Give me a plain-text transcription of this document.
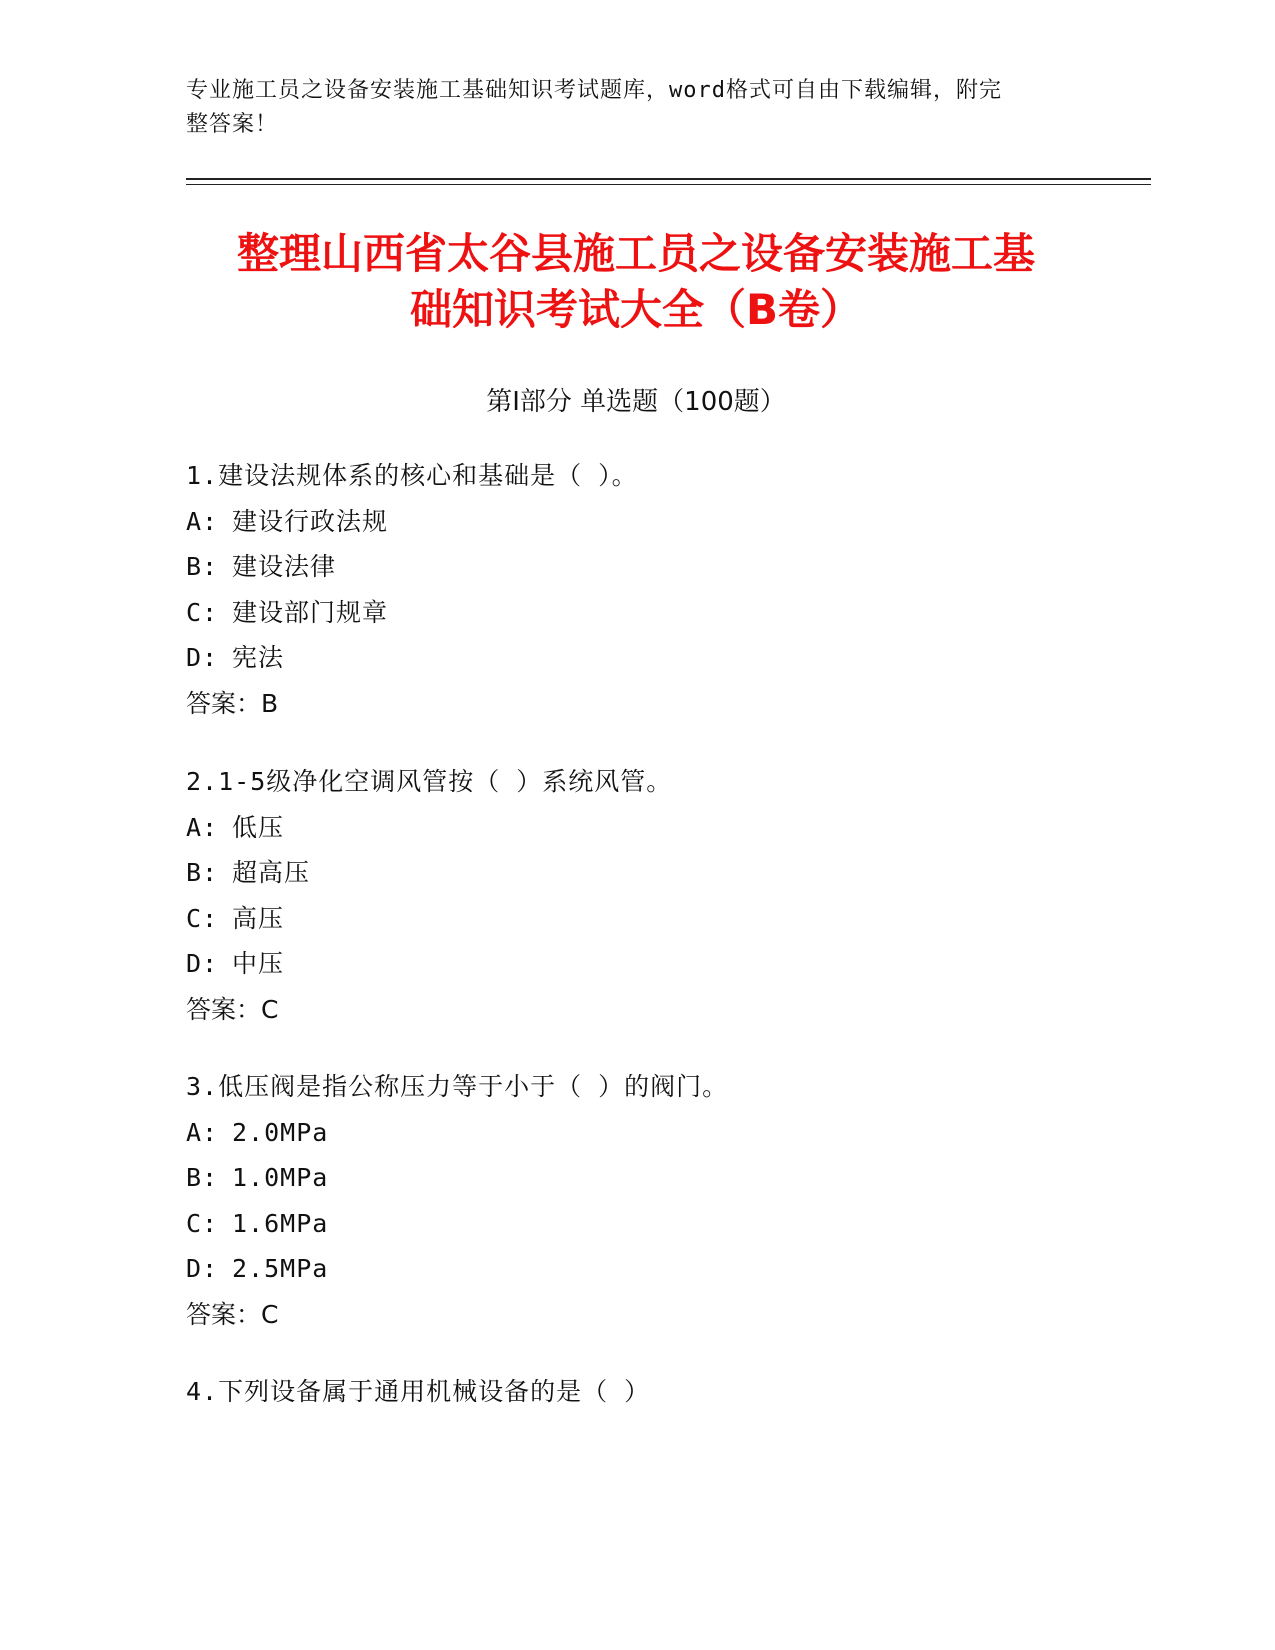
专业施工员之设备安装施工基础知识考试题库，word格式可自由下载编辑，附完
整答案！
整理山西省太谷县施工员之设备安装施工基
础知识考试大全（B卷）
第Ⅰ部分 单选题（100题）
1.建设法规体系的核心和基础是（ ）。
A: 建设行政法规
B: 建设法律
C: 建设部门规章
D: 宪法
答案：B
2.1-5级净化空调风管按（ ）系统风管。
A: 低压
B: 超高压
C: 高压
D: 中压
答案：C
3.低压阀是指公称压力等于小于（ ）的阀门。
A: 2.0MPa
B: 1.0MPa
C: 1.6MPa
D: 2.5MPa
答案：C
4.下列设备属于通用机械设备的是（ ）
